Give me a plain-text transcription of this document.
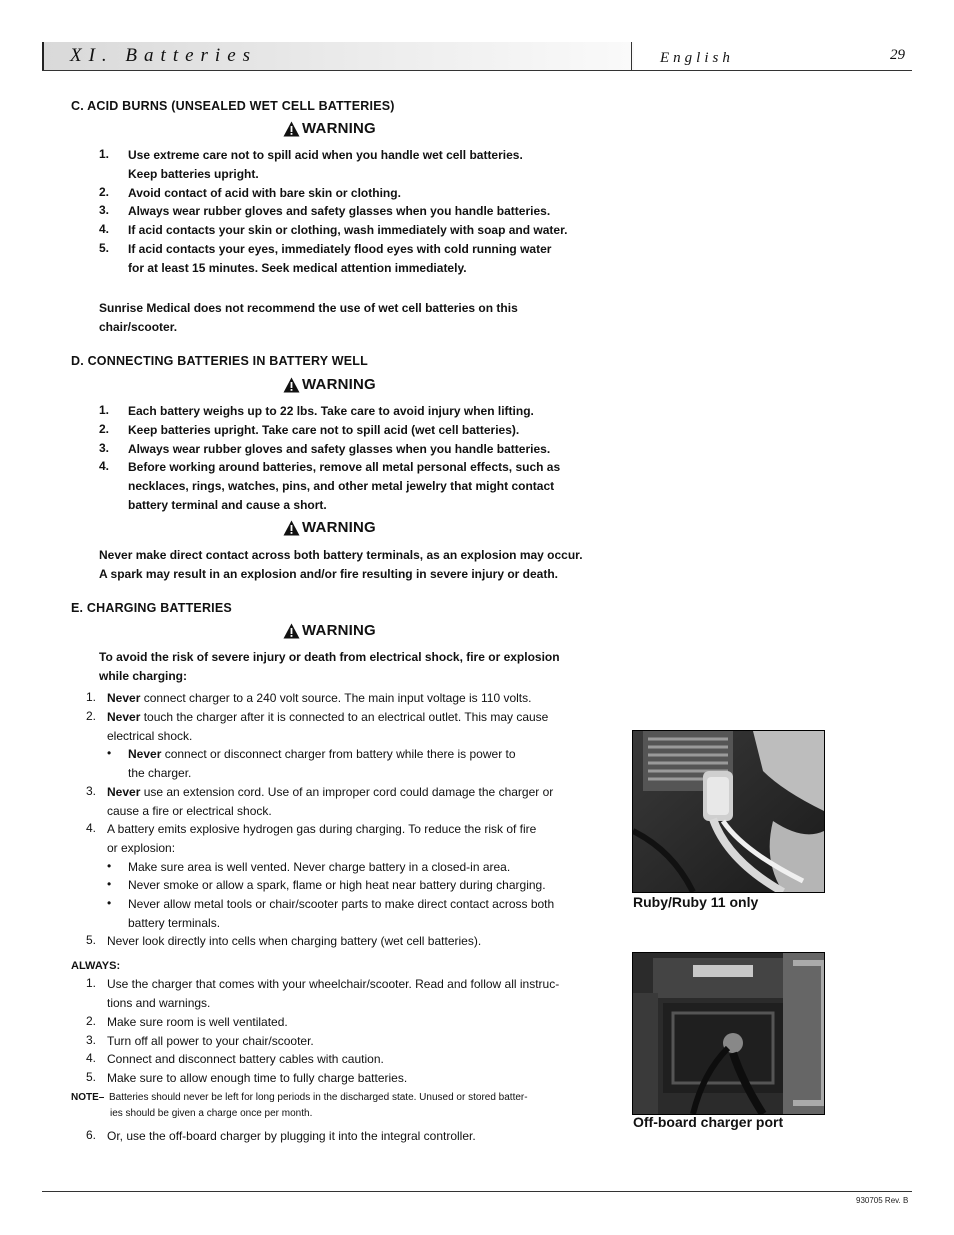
XI. Batteries	English	29
C. ACID BURNS (UNSEALED WET CELL BATTERIES)
WARNING
1. Use extreme care not to spill acid when you handle wet cell batteries.
Keep batteries upright.
2. Avoid contact of acid with bare skin or clothing.
3. Always wear rubber gloves and safety glasses when you handle batteries.
4. If acid contacts your skin or clothing, wash immediately with soap and water.
5. If acid contacts your eyes, immediately flood eyes with cold running water
for at least 15 minutes. Seek medical attention immediately.
Sunrise Medical does not recommend the use of wet cell batteries on this
chair/scooter.
D. CONNECTING BATTERIES IN BATTERY WELL
WARNING
1. Each battery weighs up to 22 lbs. Take care to avoid injury when lifting.
2. Keep batteries upright. Take care not to spill acid (wet cell batteries).
3. Always wear rubber gloves and safety glasses when you handle batteries.
4. Before working around batteries, remove all metal personal effects, such as
necklaces, rings, watches, pins, and other metal jewelry that might contact
battery terminal and cause a short.
WARNING
Never make direct contact across both battery terminals, as an explosion may occur.
A spark may result in an explosion and/or fire resulting in severe injury or death.
E. CHARGING BATTERIES
WARNING
To avoid the risk of severe injury or death from electrical shock, fire or explosion
while charging:
1. Never connect charger to a 240 volt source. The main input voltage is 110 volts.
2. Never touch the charger after it is connected to an electrical outlet. This may cause
electrical shock.
• Never connect or disconnect charger from battery while there is power to
the charger.
3. Never use an extension cord. Use of an improper cord could damage the charger or
cause a fire or electrical shock.
4. A battery emits explosive hydrogen gas during charging. To reduce the risk of fire
or explosion:
• Make sure area is well vented. Never charge battery in a closed-in area.
• Never smoke or allow a spark, flame or high heat near battery during charging.
• Never allow metal tools or chair/scooter parts to make direct contact across both
battery terminals.
5. Never look directly into cells when charging battery (wet cell batteries).
ALWAYS:
1. Use the charger that comes with your wheelchair/scooter. Read and follow all instruc-
tions and warnings.
2. Make sure room is well ventilated.
3. Turn off all power to your chair/scooter.
4. Connect and disconnect battery cables with caution.
5. Make sure to allow enough time to fully charge batteries.
NOTE– Batteries should never be left for long periods in the discharged state. Unused or stored batter-
ies should be given a charge once per month.
6. Or, use the off-board charger by plugging it into the integral controller.
Ruby/Ruby 11 only
Off-board charger port
930705 Rev. B
